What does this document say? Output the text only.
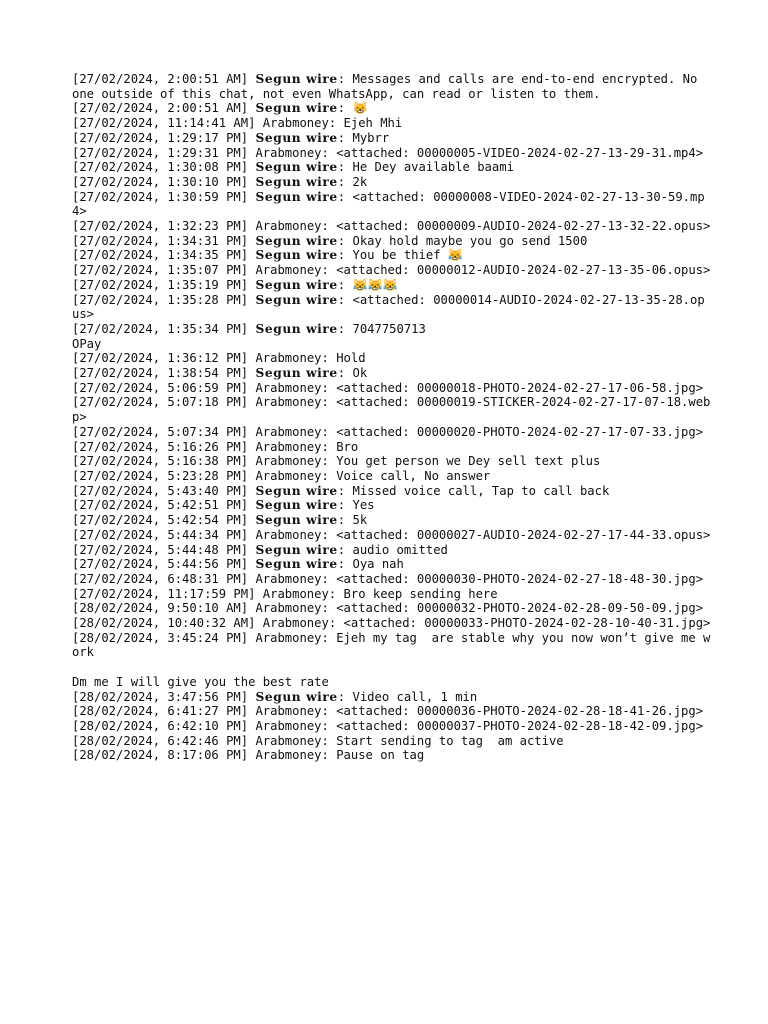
[27/02/2024, 2:00:51 AM] Segun wire: Messages and calls are end-to-end encrypted. No one outside of this chat, not even WhatsApp, can read or listen to them.
[27/02/2024, 2:00:51 AM] Segun wire: 😸
[27/02/2024, 11:14:41 AM] Arabmoney: Ejeh Mhi
[27/02/2024, 1:29:17 PM] Segun wire: Mybrr
[27/02/2024, 1:29:31 PM] Arabmoney: <attached: 00000005-VIDEO-2024-02-27-13-29-31.mp4>
[27/02/2024, 1:30:08 PM] Segun wire: He Dey available baami
[27/02/2024, 1:30:10 PM] Segun wire: 2k
[27/02/2024, 1:30:59 PM] Segun wire: <attached: 00000008-VIDEO-2024-02-27-13-30-59.mp4>
[27/02/2024, 1:32:23 PM] Arabmoney: <attached: 00000009-AUDIO-2024-02-27-13-32-22.opus>
[27/02/2024, 1:34:31 PM] Segun wire: Okay hold maybe you go send 1500
[27/02/2024, 1:34:35 PM] Segun wire: You be thief 😹
[27/02/2024, 1:35:07 PM] Arabmoney: <attached: 00000012-AUDIO-2024-02-27-13-35-06.opus>
[27/02/2024, 1:35:19 PM] Segun wire: 😹😹😹
[27/02/2024, 1:35:28 PM] Segun wire: <attached: 00000014-AUDIO-2024-02-27-13-35-28.opus>
[27/02/2024, 1:35:34 PM] Segun wire: 7047750713
OPay
[27/02/2024, 1:36:12 PM] Arabmoney: Hold
[27/02/2024, 1:38:54 PM] Segun wire: Ok
[27/02/2024, 5:06:59 PM] Arabmoney: <attached: 00000018-PHOTO-2024-02-27-17-06-58.jpg>
[27/02/2024, 5:07:18 PM] Arabmoney: <attached: 00000019-STICKER-2024-02-27-17-07-18.webp>
[27/02/2024, 5:07:34 PM] Arabmoney: <attached: 00000020-PHOTO-2024-02-27-17-07-33.jpg>
[27/02/2024, 5:16:26 PM] Arabmoney: Bro
[27/02/2024, 5:16:38 PM] Arabmoney: You get person we Dey sell text plus
[27/02/2024, 5:23:28 PM] Arabmoney: Voice call, No answer
[27/02/2024, 5:43:40 PM] Segun wire: Missed voice call, Tap to call back
[27/02/2024, 5:42:51 PM] Segun wire: Yes
[27/02/2024, 5:42:54 PM] Segun wire: 5k
[27/02/2024, 5:44:34 PM] Arabmoney: <attached: 00000027-AUDIO-2024-02-27-17-44-33.opus>
[27/02/2024, 5:44:48 PM] Segun wire: audio omitted
[27/02/2024, 5:44:56 PM] Segun wire: Oya nah
[27/02/2024, 6:48:31 PM] Arabmoney: <attached: 00000030-PHOTO-2024-02-27-18-48-30.jpg>
[27/02/2024, 11:17:59 PM] Arabmoney: Bro keep sending here
[28/02/2024, 9:50:10 AM] Arabmoney: <attached: 00000032-PHOTO-2024-02-28-09-50-09.jpg>
[28/02/2024, 10:40:32 AM] Arabmoney: <attached: 00000033-PHOTO-2024-02-28-10-40-31.jpg>
[28/02/2024, 3:45:24 PM] Arabmoney: Ejeh my tag  are stable why you now won’t give me work

Dm me I will give you the best rate
[28/02/2024, 3:47:56 PM] Segun wire: Video call, 1 min
[28/02/2024, 6:41:27 PM] Arabmoney: <attached: 00000036-PHOTO-2024-02-28-18-41-26.jpg>
[28/02/2024, 6:42:10 PM] Arabmoney: <attached: 00000037-PHOTO-2024-02-28-18-42-09.jpg>
[28/02/2024, 6:42:46 PM] Arabmoney: Start sending to tag  am active
[28/02/2024, 8:17:06 PM] Arabmoney: Pause on tag
